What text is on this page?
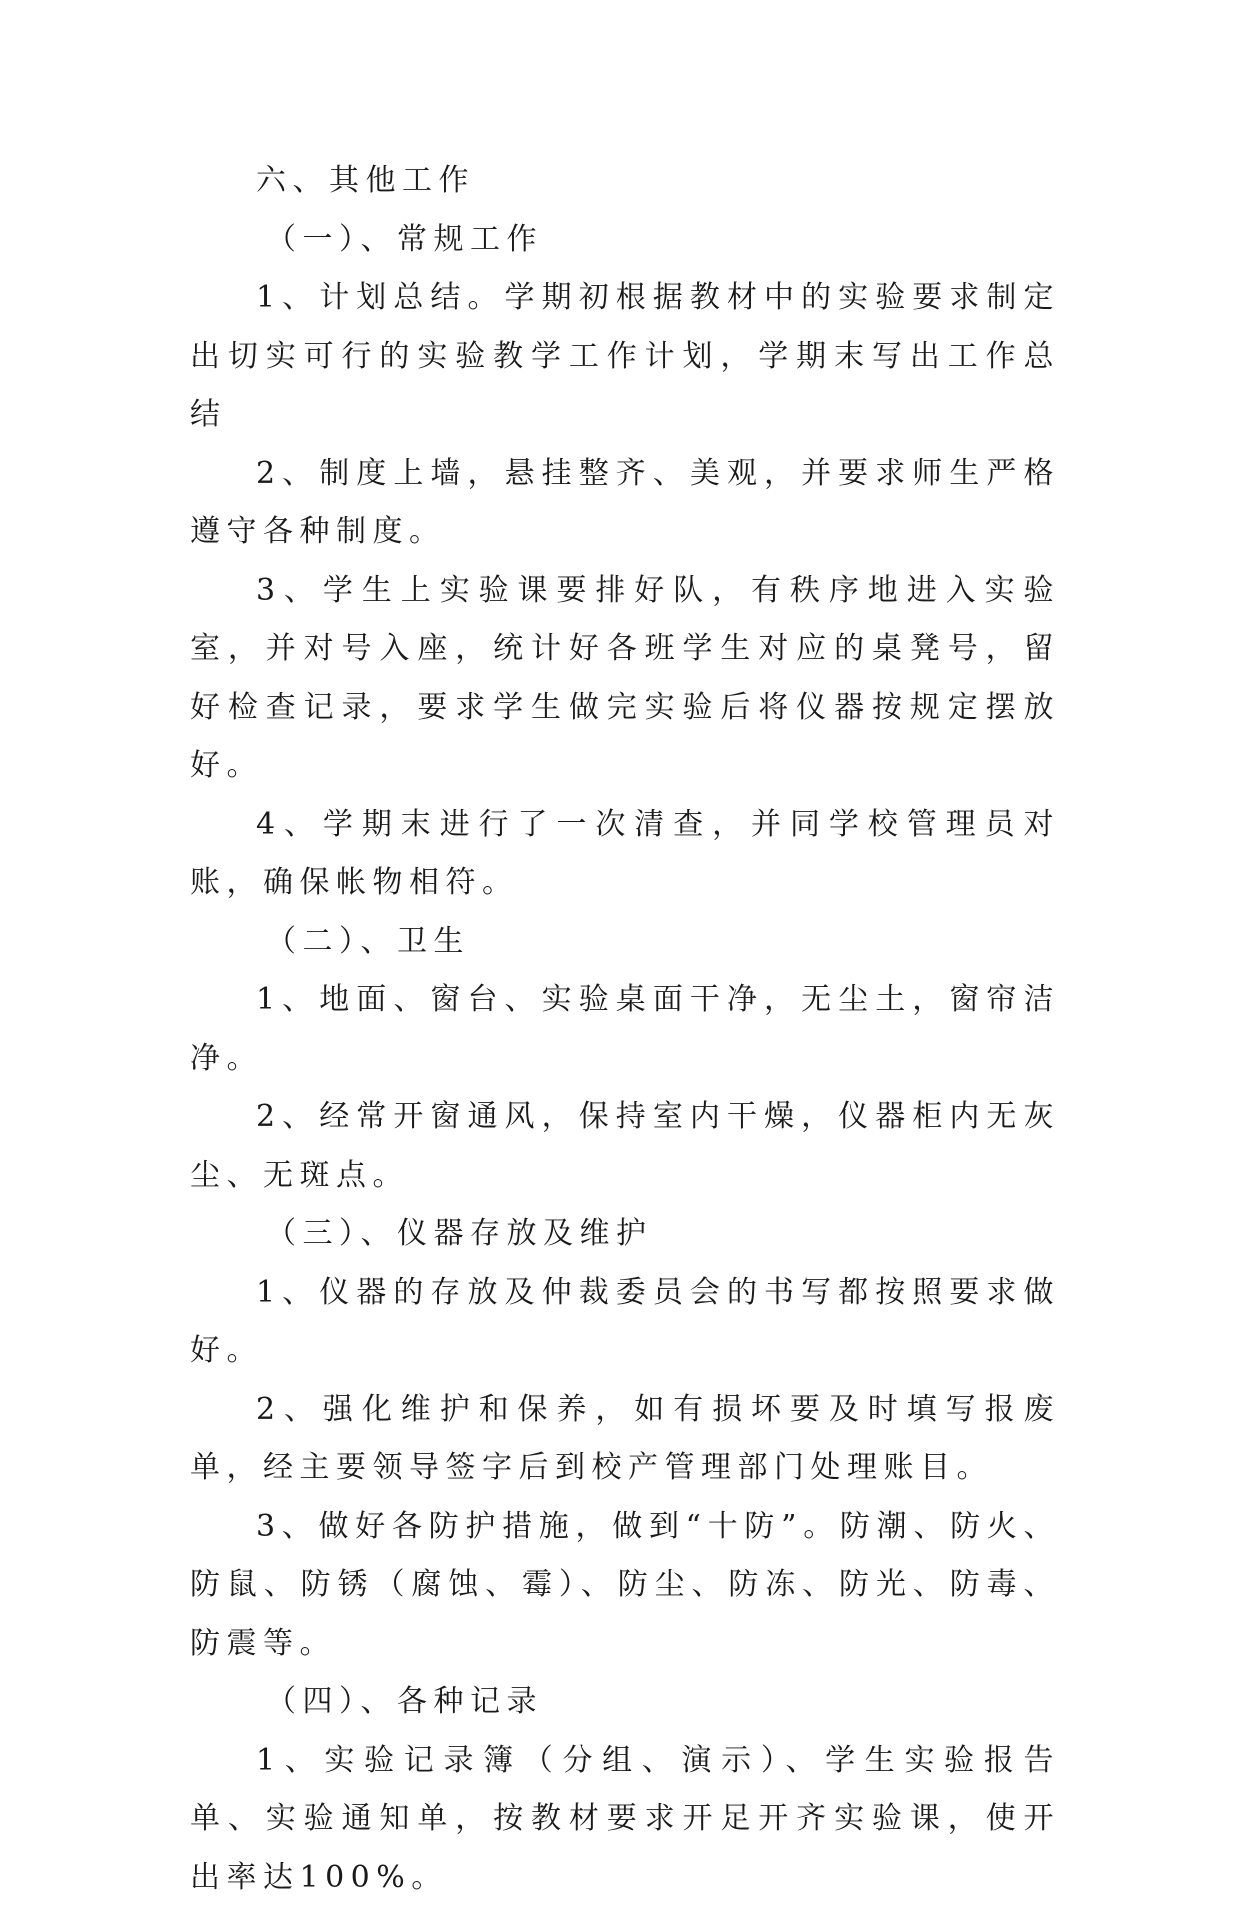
六、其他工作

（一）、常规工作

1、计划总结。学期初根据教材中的实验要求制定出切实可行的实验教学工作计划，学期末写出工作总结

2、制度上墙，悬挂整齐、美观，并要求师生严格遵守各种制度。

3、学生上实验课要排好队，有秩序地进入实验室，并对号入座，统计好各班学生对应的桌凳号，留好检查记录，要求学生做完实验后将仪器按规定摆放好。

4、学期末进行了一次清查，并同学校管理员对账，确保帐物相符。

（二）、卫生

1、地面、窗台、实验桌面干净，无尘土，窗帘洁净。

2、经常开窗通风，保持室内干燥，仪器柜内无灰尘、无斑点。

（三）、仪器存放及维护

1、仪器的存放及仲裁委员会的书写都按照要求做好。

2、强化维护和保养，如有损坏要及时填写报废单，经主要领导签字后到校产管理部门处理账目。

3、做好各防护措施，做到“十防”。防潮、防火、防鼠、防锈（腐蚀、霉）、防尘、防冻、防光、防毒、防震等。

（四）、各种记录

1、实验记录簿（分组、演示）、学生实验报告单、实验通知单，按教材要求开足开齐实验课，使开出率达100%。
